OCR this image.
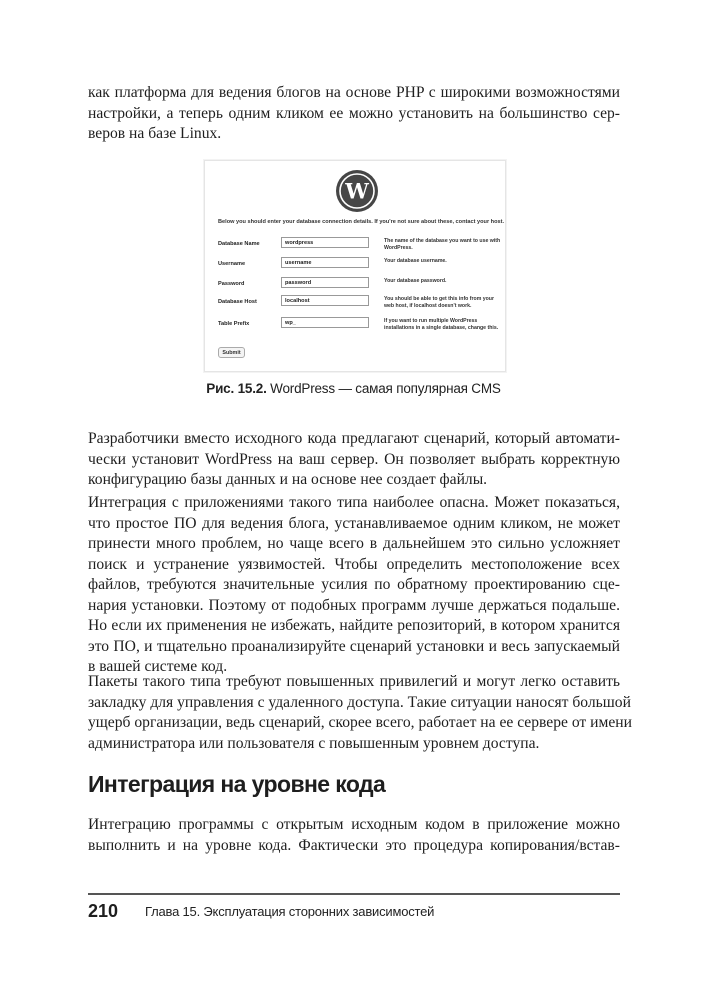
как платформа для ведения блогов на основе PHP с широкими возможностями
настройки, а теперь одним кликом ее можно установить на большинство сер-
веров на базе Linux.

W
Below you should enter your database connection details. If you're not sure about these, contact your host.
Database Name	wordpress	The name of the database you want to use with WordPress.
Username	username	Your database username.
Password	password	Your database password.
Database Host	localhost	You should be able to get this info from your web host, if localhost doesn't work.
Table Prefix	wp_	If you want to run multiple WordPress installations in a single database, change this.
Submit
Рис. 15.2. WordPress — самая популярная CMS

Разработчики вместо исходного кода предлагают сценарий, который автомати-
чески установит WordPress на ваш сервер. Он позволяет выбрать корректную
конфигурацию базы данных и на основе нее создает файлы.

Интеграция с приложениями такого типа наиболее опасна. Может показаться,
что простое ПО для ведения блога, устанавливаемое одним кликом, не может
принести много проблем, но чаще всего в дальнейшем это сильно усложняет
поиск и устранение уязвимостей. Чтобы определить местоположение всех
файлов, требуются значительные усилия по обратному проектированию сце-
нария установки. Поэтому от подобных программ лучше держаться подальше.
Но если их применения не избежать, найдите репозиторий, в котором хранится
это ПО, и тщательно проанализируйте сценарий установки и весь запускаемый
в вашей системе код.

Пакеты такого типа требуют повышенных привилегий и могут легко оставить
закладку для управления с удаленного доступа. Такие ситуации наносят большой
ущерб организации, ведь сценарий, скорее всего, работает на ее сервере от имени
администратора или пользователя с повышенным уровнем доступа.

Интеграция на уровне кода

Интеграцию программы с открытым исходным кодом в приложение можно
выполнить и на уровне кода. Фактически это процедура копирования/встав-

210 Глава 15. Эксплуатация сторонних зависимостей
